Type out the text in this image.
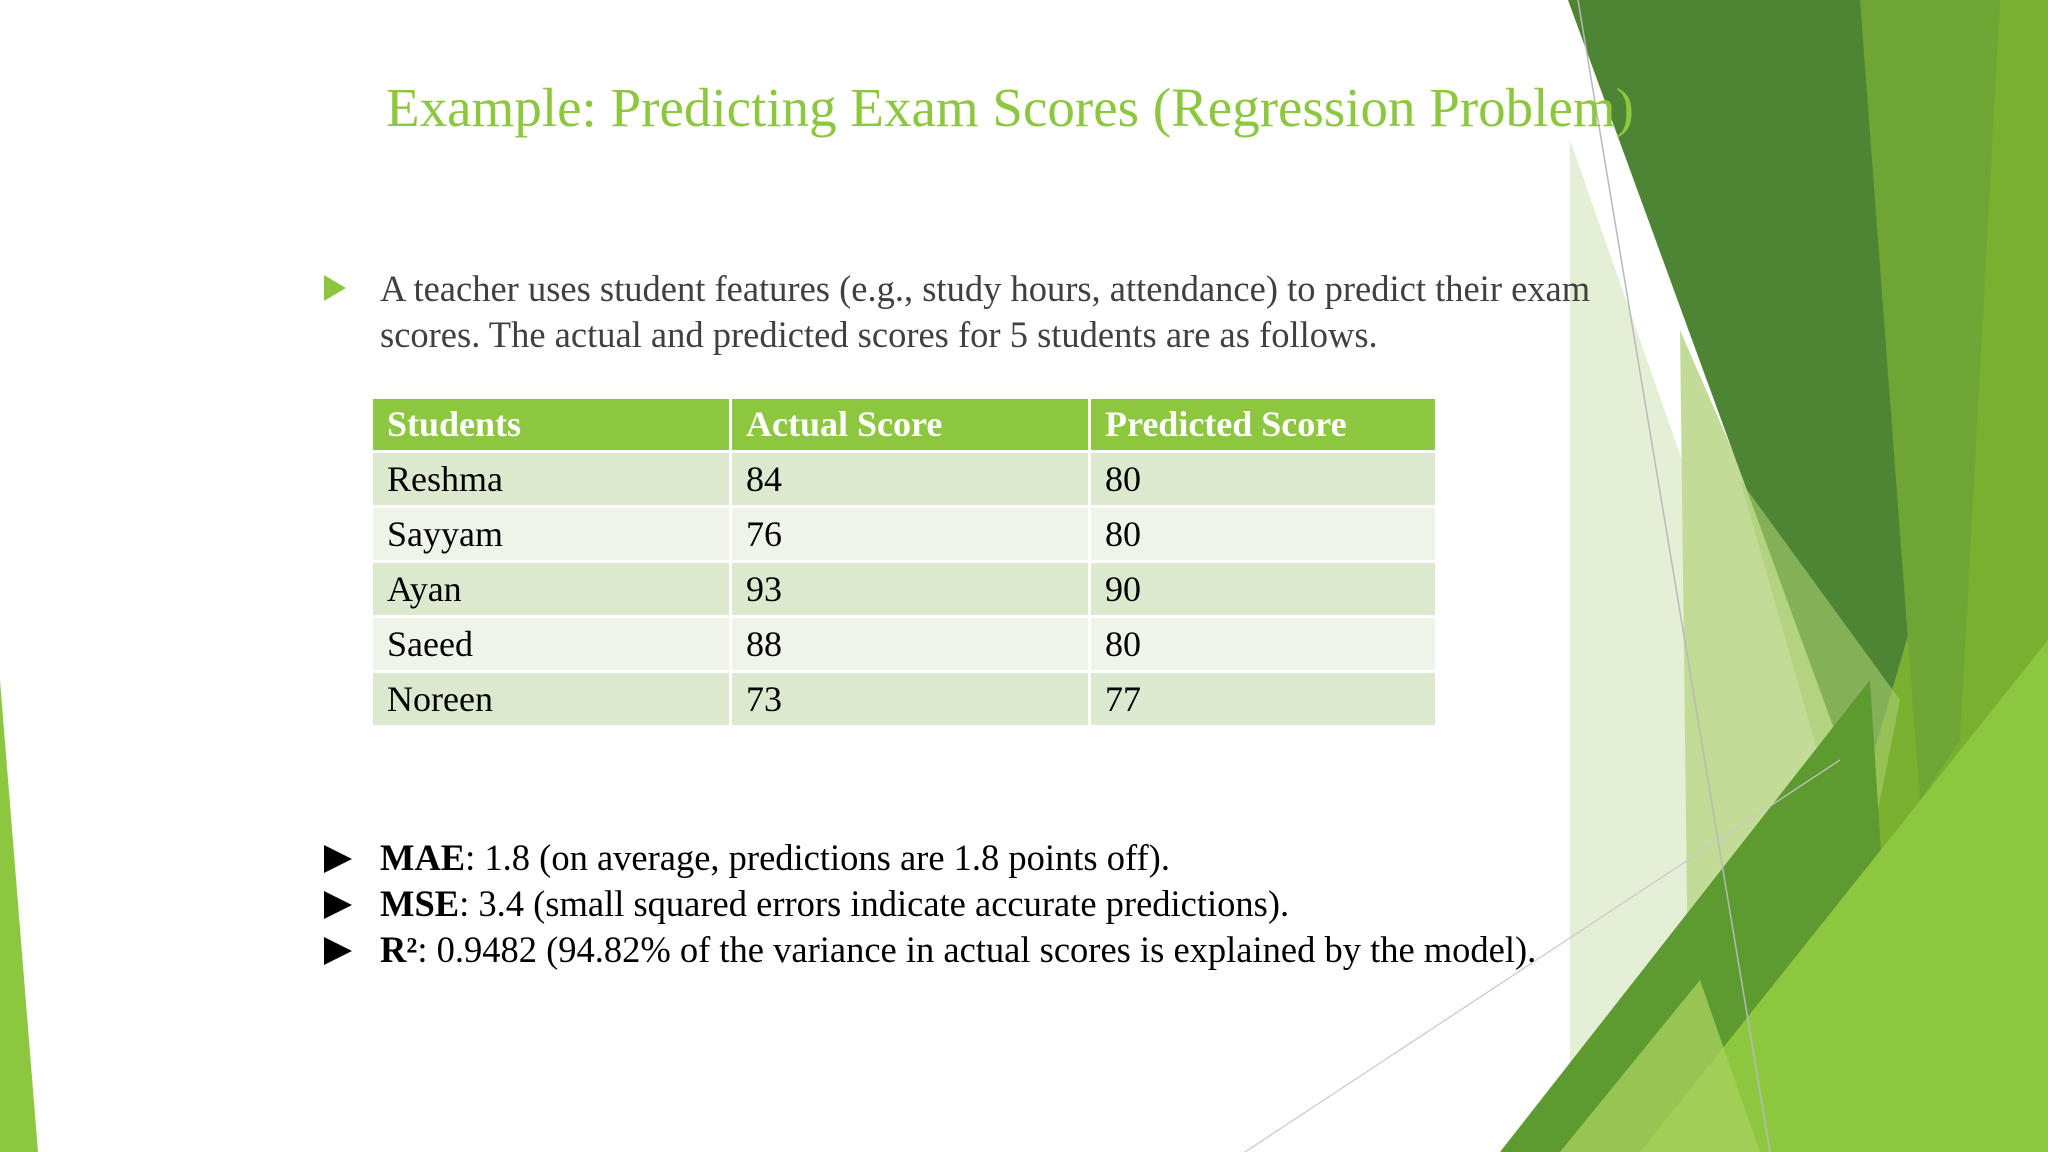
Example: Predicting Exam Scores (Regression Problem)

A teacher uses student features (e.g., study hours, attendance) to predict their exam scores. The actual and predicted scores for 5 students are as follows.

Students	Actual Score	Predicted Score
Reshma	84	80
Sayyam	76	80
Ayan	93	90
Saeed	88	80
Noreen	73	77
MAE: 1.8 (on average, predictions are 1.8 points off).
MSE: 3.4 (small squared errors indicate accurate predictions).
R²: 0.9482 (94.82% of the variance in actual scores is explained by the model).
